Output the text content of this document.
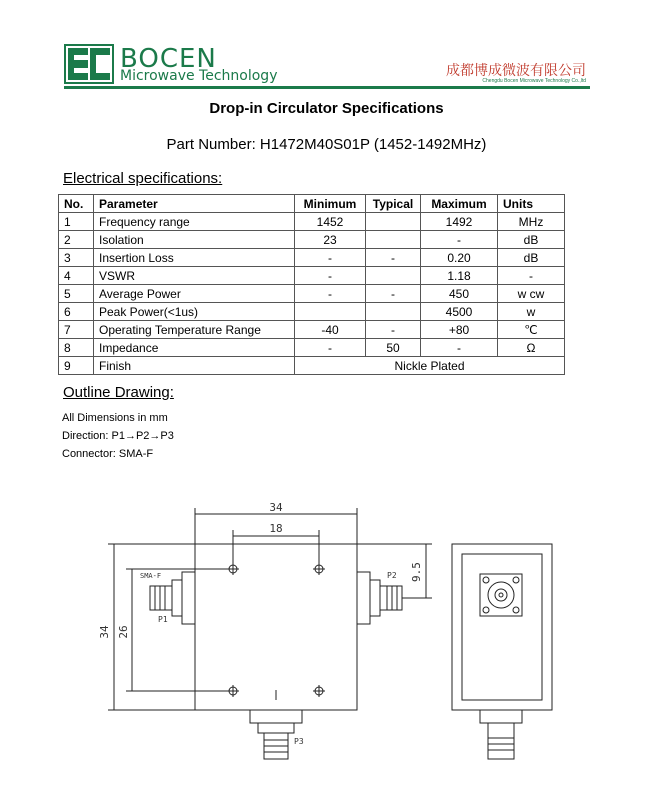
BOCEN
Microwave Technology	成都博成微波有限公司
Chengdu Bocen Microwave Technology Co.,ltd
Drop-in Circulator Specifications
Part Number: H1472M40S01P (1452-1492MHz)
Electrical specifications:
No.	Parameter	Minimum	Typical	Maximum	Units
1	Frequency range	1452		1492	MHz
2	Isolation	23		-	dB
3	Insertion Loss	-	-	0.20	dB
4	VSWR	-		1.18	-
5	Average Power	-	-	450	w cw
6	Peak Power(<1us)			4500	w
7	Operating Temperature Range	-40	-	+80	℃
8	Impedance	-	50	-	Ω
9	Finish	Nickle Plated			
Outline Drawing:
All Dimensions in mm
Direction: P1→P2→P3
Connector: SMA-F
34
18
34 26
9.5
SMA-F
P1
P2
P3
